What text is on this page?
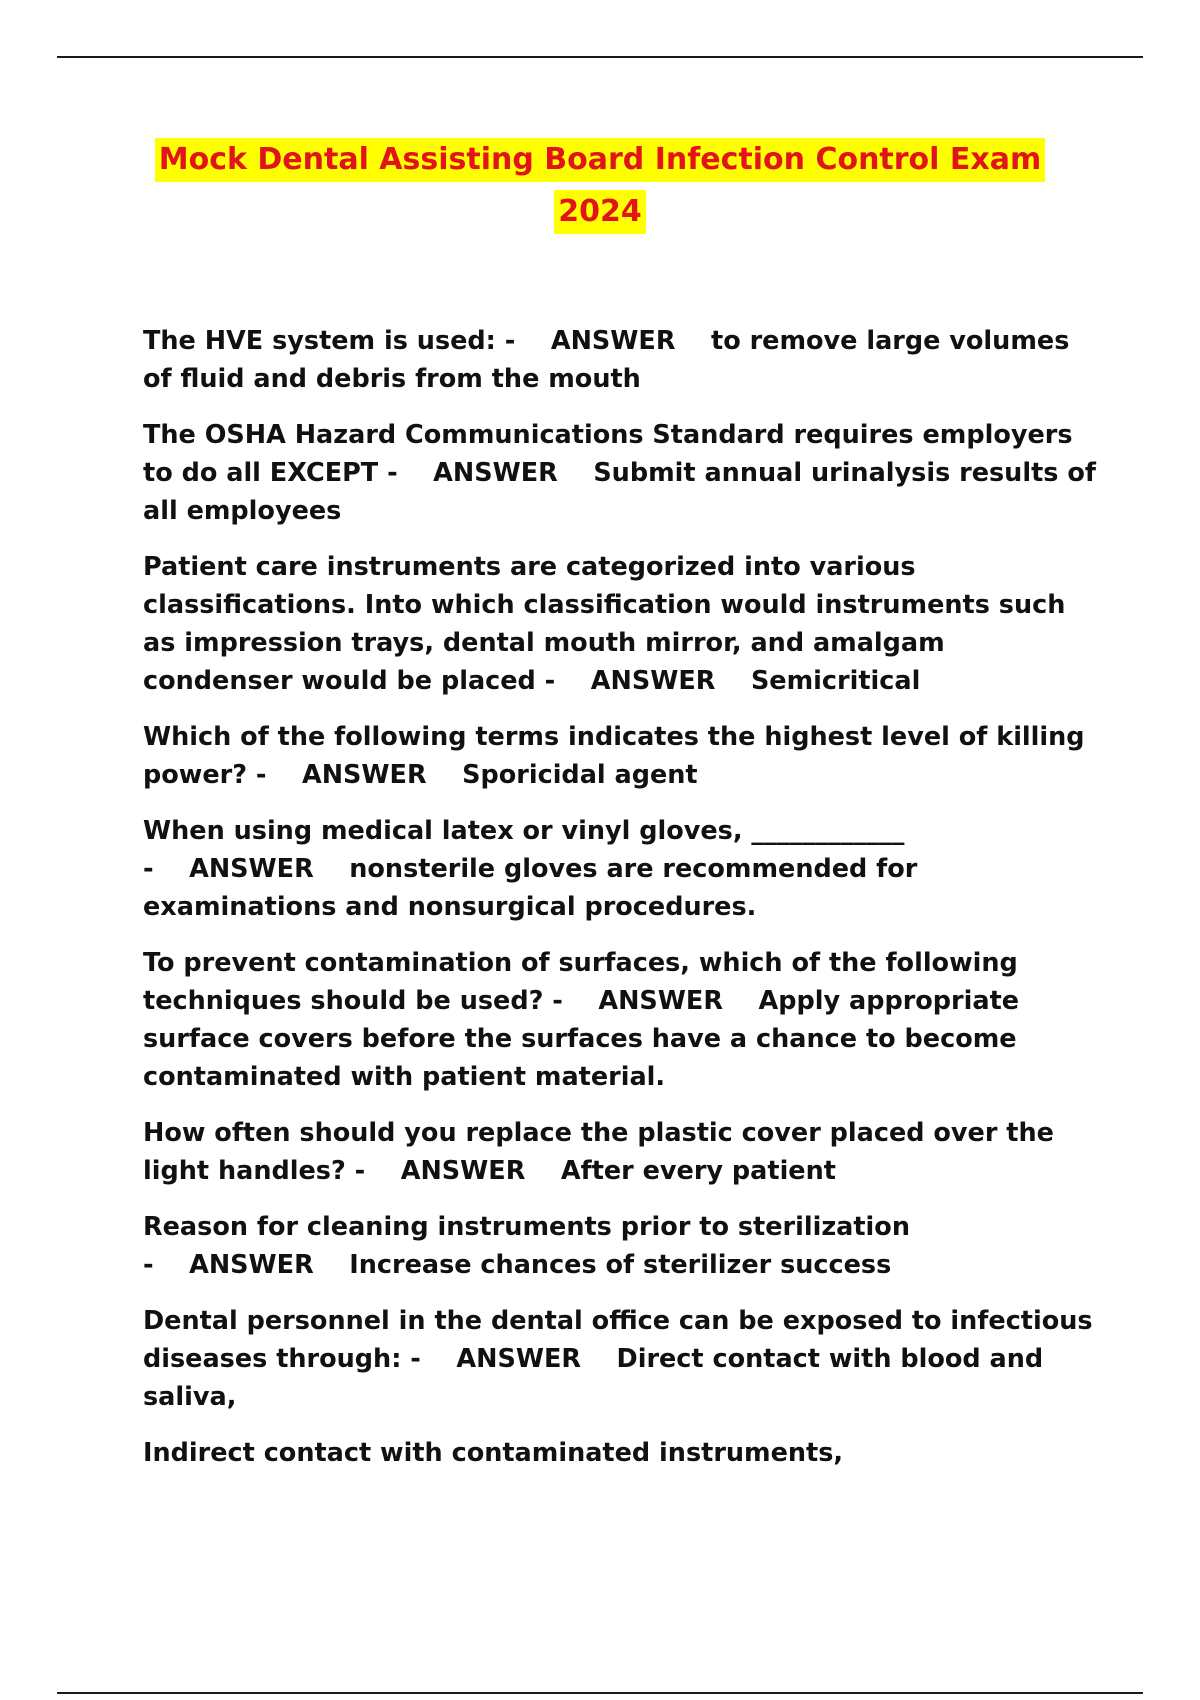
Mock Dental Assisting Board Infection Control Exam
2024

The HVE system is used: - ANSWER to remove large volumes of fluid and debris from the mouth

The OSHA Hazard Communications Standard requires employers to do all EXCEPT - ANSWER Submit annual urinalysis results of all employees

Patient care instruments are categorized into various classifications. Into which classification would instruments such as impression trays, dental mouth mirror, and amalgam condenser would be placed - ANSWER Semicritical

Which of the following terms indicates the highest level of killing power? - ANSWER Sporicidal agent

When using medical latex or vinyl gloves, ____________ - ANSWER nonsterile gloves are recommended for examinations and nonsurgical procedures.

To prevent contamination of surfaces, which of the following techniques should be used? - ANSWER Apply appropriate surface covers before the surfaces have a chance to become contaminated with patient material.

How often should you replace the plastic cover placed over the light handles? - ANSWER After every patient

Reason for cleaning instruments prior to sterilization - ANSWER Increase chances of sterilizer success

Dental personnel in the dental office can be exposed to infectious diseases through: - ANSWER Direct contact with blood and saliva,

Indirect contact with contaminated instruments,
